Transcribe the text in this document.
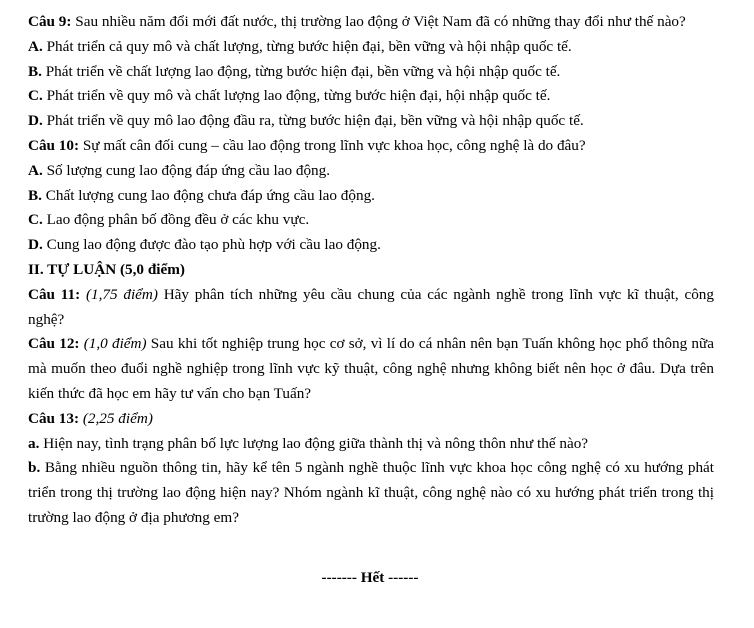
Câu 9: Sau nhiều năm đổi mới đất nước, thị trường lao động ở Việt Nam đã có những thay đổi như thế nào?

A. Phát triển cả quy mô và chất lượng, từng bước hiện đại, bền vững và hội nhập quốc tế.

B. Phát triển về chất lượng lao động, từng bước hiện đại, bền vững và hội nhập quốc tế.

C. Phát triển về quy mô và chất lượng lao động, từng bước hiện đại, hội nhập quốc tế.

D. Phát triển về quy mô lao động đầu ra, từng bước hiện đại, bền vững và hội nhập quốc tế.

Câu 10: Sự mất cân đối cung – cầu lao động trong lĩnh vực khoa học, công nghệ là do đâu?

A. Số lượng cung lao động đáp ứng cầu lao động.

B. Chất lượng cung lao động chưa đáp ứng cầu lao động.

C. Lao động phân bố đồng đều ở các khu vực.

D. Cung lao động được đào tạo phù hợp với cầu lao động.

II. TỰ LUẬN (5,0 điểm)

Câu 11: (1,75 điểm) Hãy phân tích những yêu cầu chung của các ngành nghề trong lĩnh vực kĩ thuật, công nghệ?

Câu 12: (1,0 điểm) Sau khi tốt nghiệp trung học cơ sở, vì lí do cá nhân nên bạn Tuấn không học phổ thông nữa mà muốn theo đuổi nghề nghiệp trong lĩnh vực kỹ thuật, công nghệ nhưng không biết nên học ở đâu. Dựa trên kiến thức đã học em hãy tư vấn cho bạn Tuấn?

Câu 13: (2,25 điểm)

a. Hiện nay, tình trạng phân bố lực lượng lao động giữa thành thị và nông thôn như thế nào?

b. Bằng nhiều nguồn thông tin, hãy kể tên 5 ngành nghề thuộc lĩnh vực khoa học công nghệ có xu hướng phát triển trong thị trường lao động hiện nay? Nhóm ngành kĩ thuật, công nghệ nào có xu hướng phát triển trong thị trường lao động ở địa phương em?

------- Hết ------
